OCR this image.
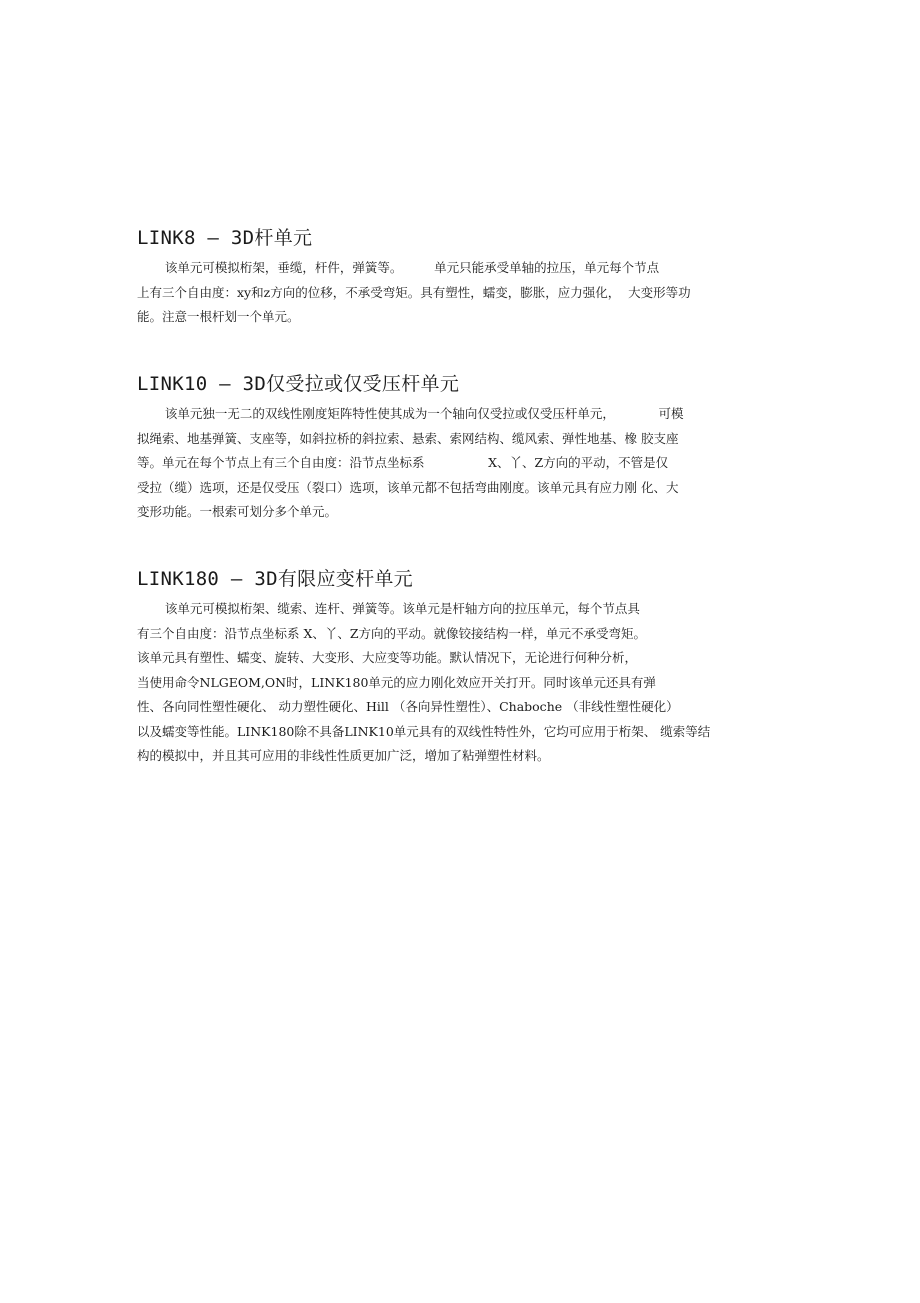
LINK8 — 3D杆单元

该单元可模拟桁架，垂缆，杆件，弹簧等。        单元只能承受单轴的拉压，单元每个节点

上有三个自由度：xy和z方向的位移，不承受弯矩。具有塑性，蠕变，膨胀，应力强化，  大变形等功

能。注意一根杆划一个单元。

LINK10 — 3D仅受拉或仅受压杆单元

该单元独一无二的双线性刚度矩阵特性使其成为一个轴向仅受拉或仅受压杆单元，           可模

拟绳索、地基弹簧、支座等，如斜拉桥的斜拉索、悬索、索网结构、缆风索、弹性地基、橡 胶支座

等。单元在每个节点上有三个自由度：沿节点坐标系                X、丫、Z方向的平动，不管是仅

受拉（缆）选项，还是仅受压（裂口）选项，该单元都不包括弯曲刚度。该单元具有应力刚 化、大

变形功能。一根索可划分多个单元。

LINK180 — 3D有限应变杆单元

该单元可模拟桁架、缆索、连杆、弹簧等。该单元是杆轴方向的拉压单元，每个节点具

有三个自由度：沿节点坐标系 X、丫、Z方向的平动。就像铰接结构一样，单元不承受弯矩。

该单元具有塑性、蠕变、旋转、大变形、大应变等功能。默认情况下，无论进行何种分析，

当使用命令NLGEOM,ON时，LINK180单元的应力刚化效应开关打开。同时该单元还具有弹

性、各向同性塑性硬化、 动力塑性硬化、Hill （各向异性塑性）、Chaboche （非线性塑性硬化）

以及蠕变等性能。LINK180除不具备LINK10单元具有的双线性特性外，它均可应用于桁架、 缆索等结

构的模拟中，并且其可应用的非线性性质更加广泛，增加了粘弹塑性材料。
